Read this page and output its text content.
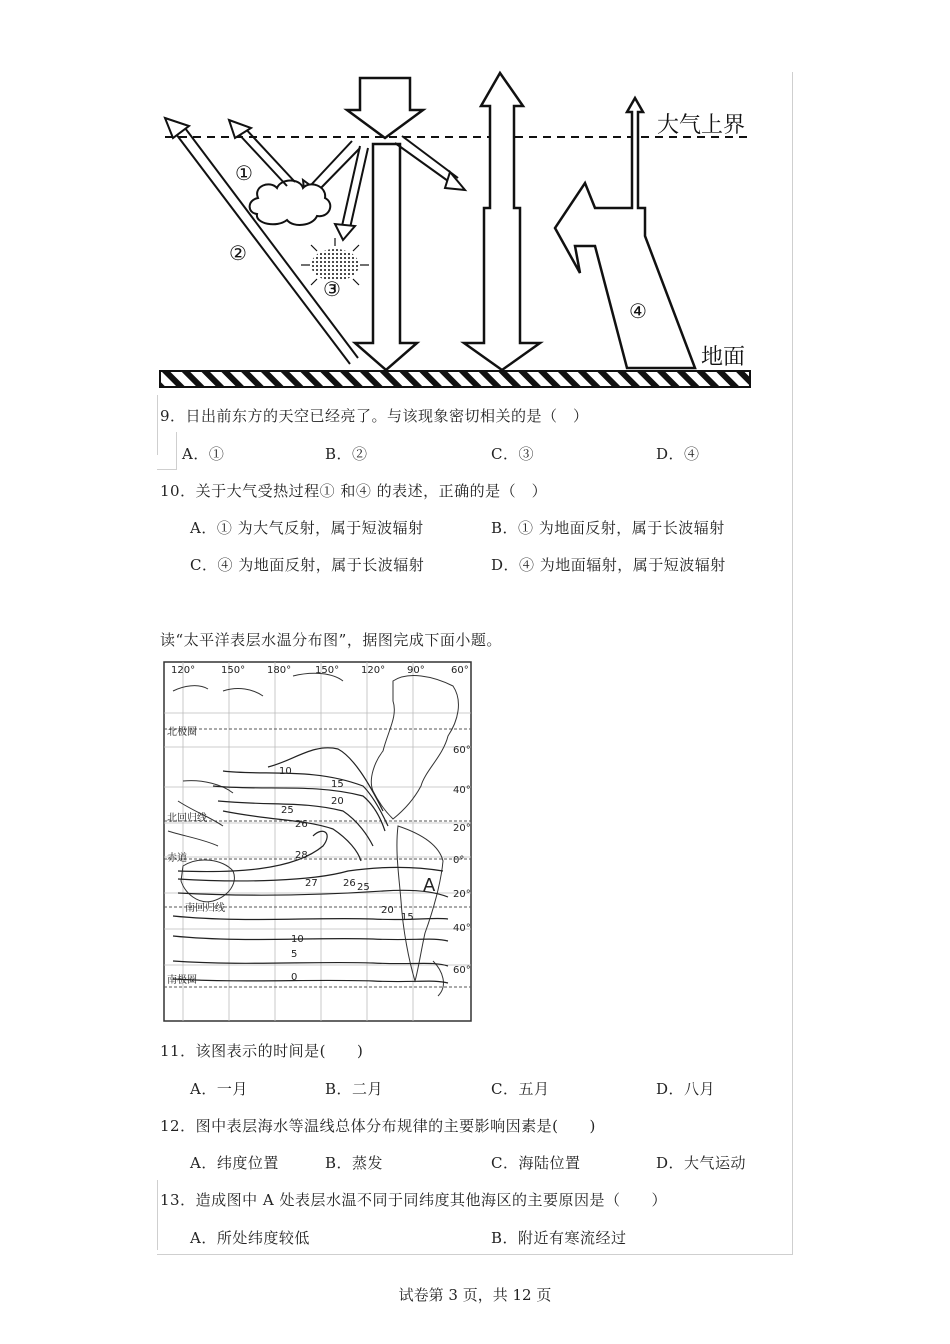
大气上界
地面
①
②
③
④
9．日出前东方的天空已经亮了。与该现象密切相关的是（　）
A．①	B．②	C．③	D．④
10．关于大气受热过程① 和④ 的表述，正确的是（　）
A．① 为大气反射，属于短波辐射	B．① 为地面反射，属于长波辐射
C．④ 为地面反射，属于长波辐射	D．④ 为地面辐射，属于短波辐射
读“太平洋表层水温分布图”，据图完成下面小题。
120°	150° 180° 150° 120° 90°	60°
北极圈
北回归线
赤道
南回归线
南极圈
60°
40°
20°
0°
20°
40°
60°
10
15
20
25
26
28
27	26 25
20
15
10
5
0
A
11．该图表示的时间是(　　)
A．一月	B．二月	C．五月	D．八月
12．图中表层海水等温线总体分布规律的主要影响因素是(　　)
A．纬度位置	B．蒸发	C．海陆位置	D．大气运动
13．造成图中 A 处表层水温不同于同纬度其他海区的主要原因是（　　）
A．所处纬度较低	B．附近有寒流经过
试卷第 3 页，共 12 页
